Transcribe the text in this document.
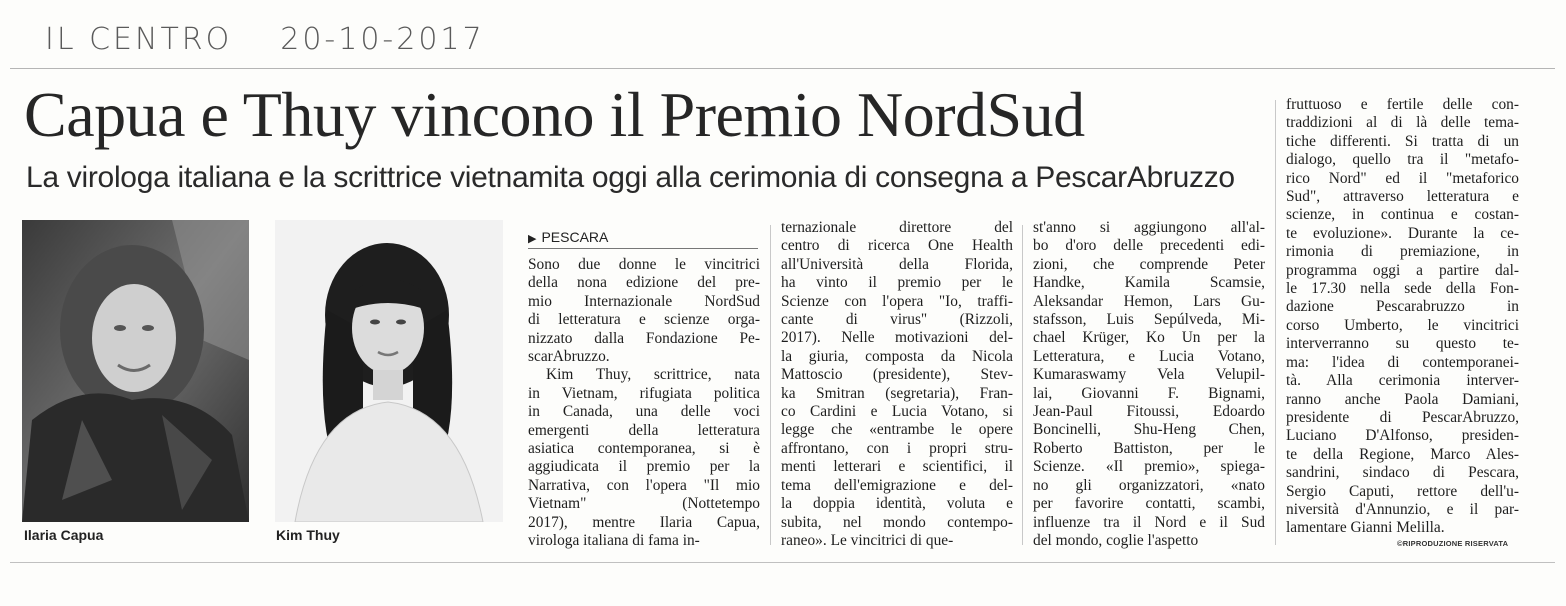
IL CENTRO 20-10-2017
Capua e Thuy vincono il Premio NordSud
La virologa italiana e la scrittrice vietnamita oggi alla cerimonia di consegna a PescarAbruzzo
Ilaria Capua	Kim Thuy
▶ PESCARA
Sono due donne le vincitrici
della nona edizione del pre-
mio Internazionale NordSud
di letteratura e scienze orga-
nizzato dalla Fondazione Pe-
scarAbruzzo.
Kim Thuy, scrittrice, nata
in Vietnam, rifugiata politica
in Canada, una delle voci
emergenti della letteratura
asiatica contemporanea, si è
aggiudicata il premio per la
Narrativa, con l'opera "Il mio
Vietnam" (Nottetempo
2017), mentre Ilaria Capua,
virologa italiana di fama in-
ternazionale direttore del
centro di ricerca One Health
all'Università della Florida,
ha vinto il premio per le
Scienze con l'opera "Io, traffi-
cante di virus" (Rizzoli,
2017). Nelle motivazioni del-
la giuria, composta da Nicola
Mattoscio (presidente), Stev-
ka Smitran (segretaria), Fran-
co Cardini e Lucia Votano, si
legge che «entrambe le opere
affrontano, con i propri stru-
menti letterari e scientifici, il
tema dell'emigrazione e del-
la doppia identità, voluta e
subita, nel mondo contempo-
raneo». Le vincitrici di que-
st'anno si aggiungono all'al-
bo d'oro delle precedenti edi-
zioni, che comprende Peter
Handke, Kamila Scamsie,
Aleksandar Hemon, Lars Gu-
stafsson, Luis Sepúlveda, Mi-
chael Krüger, Ko Un per la
Letteratura, e Lucia Votano,
Kumaraswamy Vela Velupil-
lai, Giovanni F. Bignami,
Jean-Paul Fitoussi, Edoardo
Boncinelli, Shu-Heng Chen,
Roberto Battiston, per le
Scienze. «Il premio», spiega-
no gli organizzatori, «nato
per favorire contatti, scambi,
influenze tra il Nord e il Sud
del mondo, coglie l'aspetto
fruttuoso e fertile delle con-
traddizioni al di là delle tema-
tiche differenti. Si tratta di un
dialogo, quello tra il "metafo-
rico Nord" ed il "metaforico
Sud", attraverso letteratura e
scienze, in continua e costan-
te evoluzione». Durante la ce-
rimonia di premiazione, in
programma oggi a partire dal-
le 17.30 nella sede della Fon-
dazione Pescarabruzzo in
corso Umberto, le vincitrici
interverranno su questo te-
ma: l'idea di contemporanei-
tà. Alla cerimonia interver-
ranno anche Paola Damiani,
presidente di PescarAbruzzo,
Luciano D'Alfonso, presiden-
te della Regione, Marco Ales-
sandrini, sindaco di Pescara,
Sergio Caputi, rettore dell'u-
niversità d'Annunzio, e il par-
lamentare Gianni Melilla.
©RIPRODUZIONE RISERVATA
